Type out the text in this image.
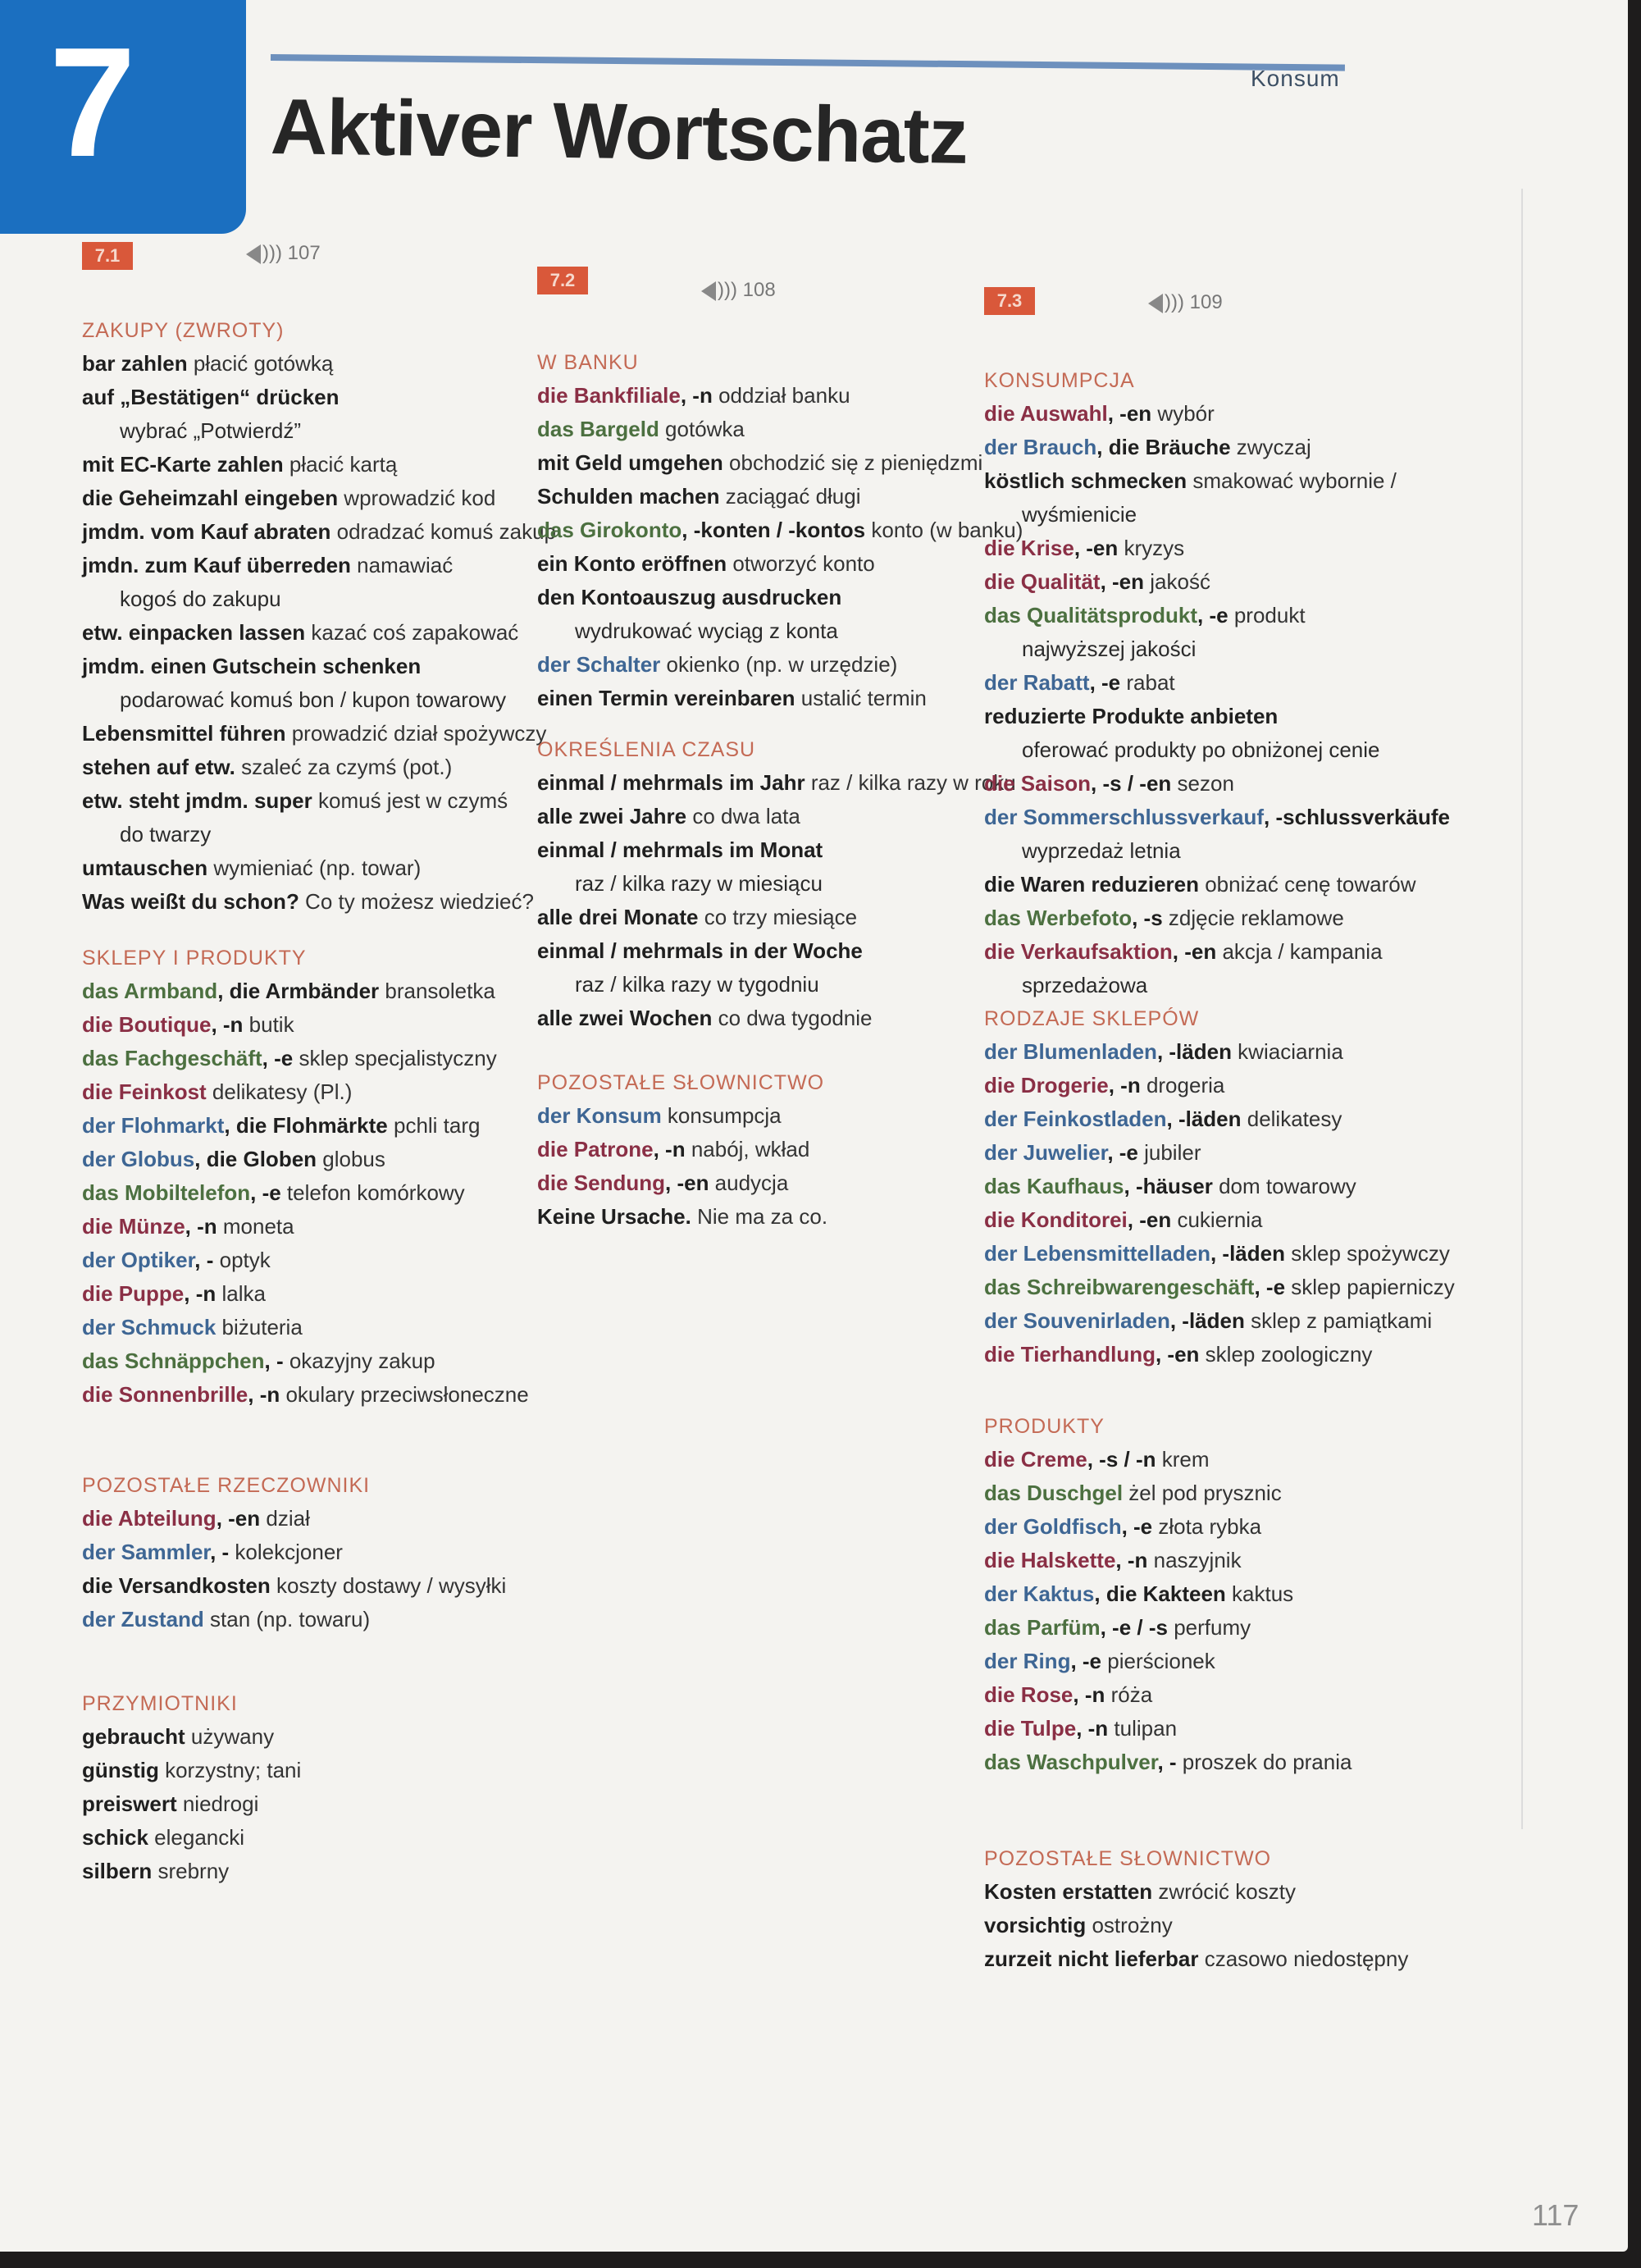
7	Konsum
Aktiver Wortschatz
7.1	))) 107
ZAKUPY (ZWROTY)
bar zahlen płacić gotówką
auf „Bestätigen“ drücken
wybrać „Potwierdź”
mit EC-Karte zahlen płacić kartą
die Geheimzahl eingeben wprowadzić kod
jmdm. vom Kauf abraten odradzać komuś zakup
jmdn. zum Kauf überreden namawiać
kogoś do zakupu
etw. einpacken lassen kazać coś zapakować
jmdm. einen Gutschein schenken
podarować komuś bon / kupon towarowy
Lebensmittel führen prowadzić dział spożywczy
stehen auf etw. szaleć za czymś (pot.)
etw. steht jmdm. super komuś jest w czymś
do twarzy
umtauschen wymieniać (np. towar)
Was weißt du schon? Co ty możesz wiedzieć?
SKLEPY I PRODUKTY
das Armband, die Armbänder bransoletka
die Boutique, -n butik
das Fachgeschäft, -e sklep specjalistyczny
die Feinkost delikatesy (Pl.)
der Flohmarkt, die Flohmärkte pchli targ
der Globus, die Globen globus
das Mobiltelefon, -e telefon komórkowy
die Münze, -n moneta
der Optiker, - optyk
die Puppe, -n lalka
der Schmuck biżuteria
das Schnäppchen, - okazyjny zakup
die Sonnenbrille, -n okulary przeciwsłoneczne
POZOSTAŁE RZECZOWNIKI
die Abteilung, -en dział
der Sammler, - kolekcjoner
die Versandkosten koszty dostawy / wysyłki
der Zustand stan (np. towaru)
PRZYMIOTNIKI
gebraucht używany
günstig korzystny; tani
preiswert niedrogi
schick elegancki
silbern srebrny
7.2	))) 108
W BANKU
die Bankfiliale, -n oddział banku
das Bargeld gotówka
mit Geld umgehen obchodzić się z pieniędzmi
Schulden machen zaciągać długi
das Girokonto, -konten / -kontos konto (w banku)
ein Konto eröffnen otworzyć konto
den Kontoauszug ausdrucken
wydrukować wyciąg z konta
der Schalter okienko (np. w urzędzie)
einen Termin vereinbaren ustalić termin
OKREŚLENIA CZASU
einmal / mehrmals im Jahr raz / kilka razy w roku
alle zwei Jahre co dwa lata
einmal / mehrmals im Monat
raz / kilka razy w miesiącu
alle drei Monate co trzy miesiące
einmal / mehrmals in der Woche
raz / kilka razy w tygodniu
alle zwei Wochen co dwa tygodnie
POZOSTAŁE SŁOWNICTWO
der Konsum konsumpcja
die Patrone, -n nabój, wkład
die Sendung, -en audycja
Keine Ursache. Nie ma za co.
7.3	))) 109
KONSUMPCJA
die Auswahl, -en wybór
der Brauch, die Bräuche zwyczaj
köstlich schmecken smakować wybornie /
wyśmienicie
die Krise, -en kryzys
die Qualität, -en jakość
das Qualitätsprodukt, -e produkt
najwyższej jakości
der Rabatt, -e rabat
reduzierte Produkte anbieten
oferować produkty po obniżonej cenie
die Saison, -s / -en sezon
der Sommerschlussverkauf, -schlussverkäufe
wyprzedaż letnia
die Waren reduzieren obniżać cenę towarów
das Werbefoto, -s zdjęcie reklamowe
die Verkaufsaktion, -en akcja / kampania
sprzedażowa
RODZAJE SKLEPÓW
der Blumenladen, -läden kwiaciarnia
die Drogerie, -n drogeria
der Feinkostladen, -läden delikatesy
der Juwelier, -e jubiler
das Kaufhaus, -häuser dom towarowy
die Konditorei, -en cukiernia
der Lebensmittelladen, -läden sklep spożywczy
das Schreibwarengeschäft, -e sklep papierniczy
der Souvenirladen, -läden sklep z pamiątkami
die Tierhandlung, -en sklep zoologiczny
PRODUKTY
die Creme, -s / -n krem
das Duschgel żel pod prysznic
der Goldfisch, -e złota rybka
die Halskette, -n naszyjnik
der Kaktus, die Kakteen kaktus
das Parfüm, -e / -s perfumy
der Ring, -e pierścionek
die Rose, -n róża
die Tulpe, -n tulipan
das Waschpulver, - proszek do prania
POZOSTAŁE SŁOWNICTWO
Kosten erstatten zwrócić koszty
vorsichtig ostrożny
zurzeit nicht lieferbar czasowo niedostępny
117
